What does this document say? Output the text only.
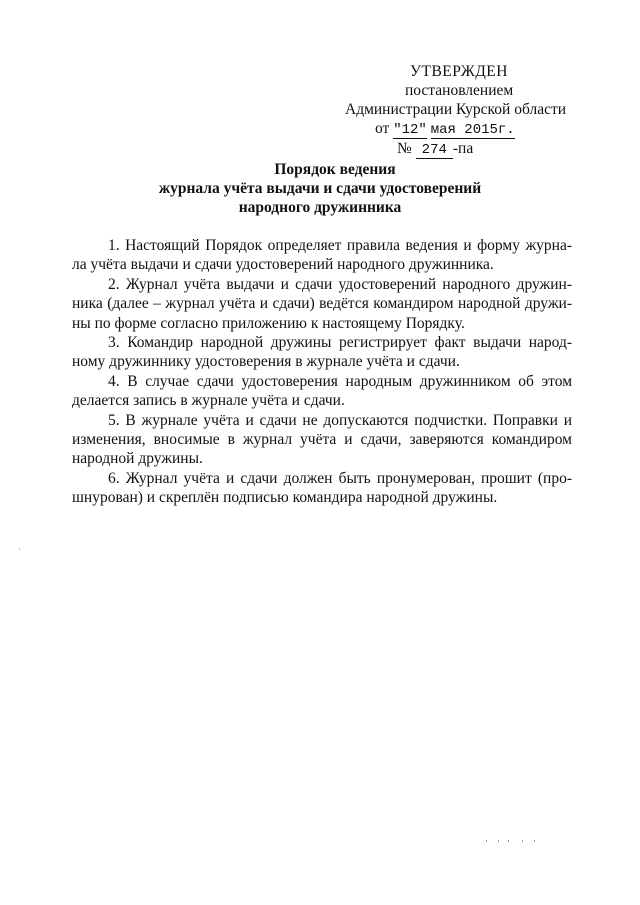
УТВЕРЖДЕН
постановлением
Администрации Курской области
от "12" мая 2015г.
№ 274 -па
Порядок ведения
журнала учёта выдачи и сдачи удостоверений
народного дружинника
1. Настоящий Порядок определяет правила ведения и форму журна-
ла учёта выдачи и сдачи удостоверений народного дружинника.
2. Журнал учёта выдачи и сдачи удостоверений народного дружин-
ника (далее – журнал учёта и сдачи) ведётся командиром народной дружи-
ны по форме согласно приложению к настоящему Порядку.
3. Командир народной дружины регистрирует факт выдачи народ-
ному дружиннику удостоверения в журнале учёта и сдачи.
4. В случае сдачи удостоверения народным дружинником об этом
делается запись в журнале учёта и сдачи.
5. В журнале учёта и сдачи не допускаются подчистки. Поправки и
изменения, вносимые в журнал учёта и сдачи, заверяются командиром
народной дружины.
6. Журнал учёта и сдачи должен быть пронумерован, прошит (про-
шнурован) и скреплён подписью командира народной дружины.
